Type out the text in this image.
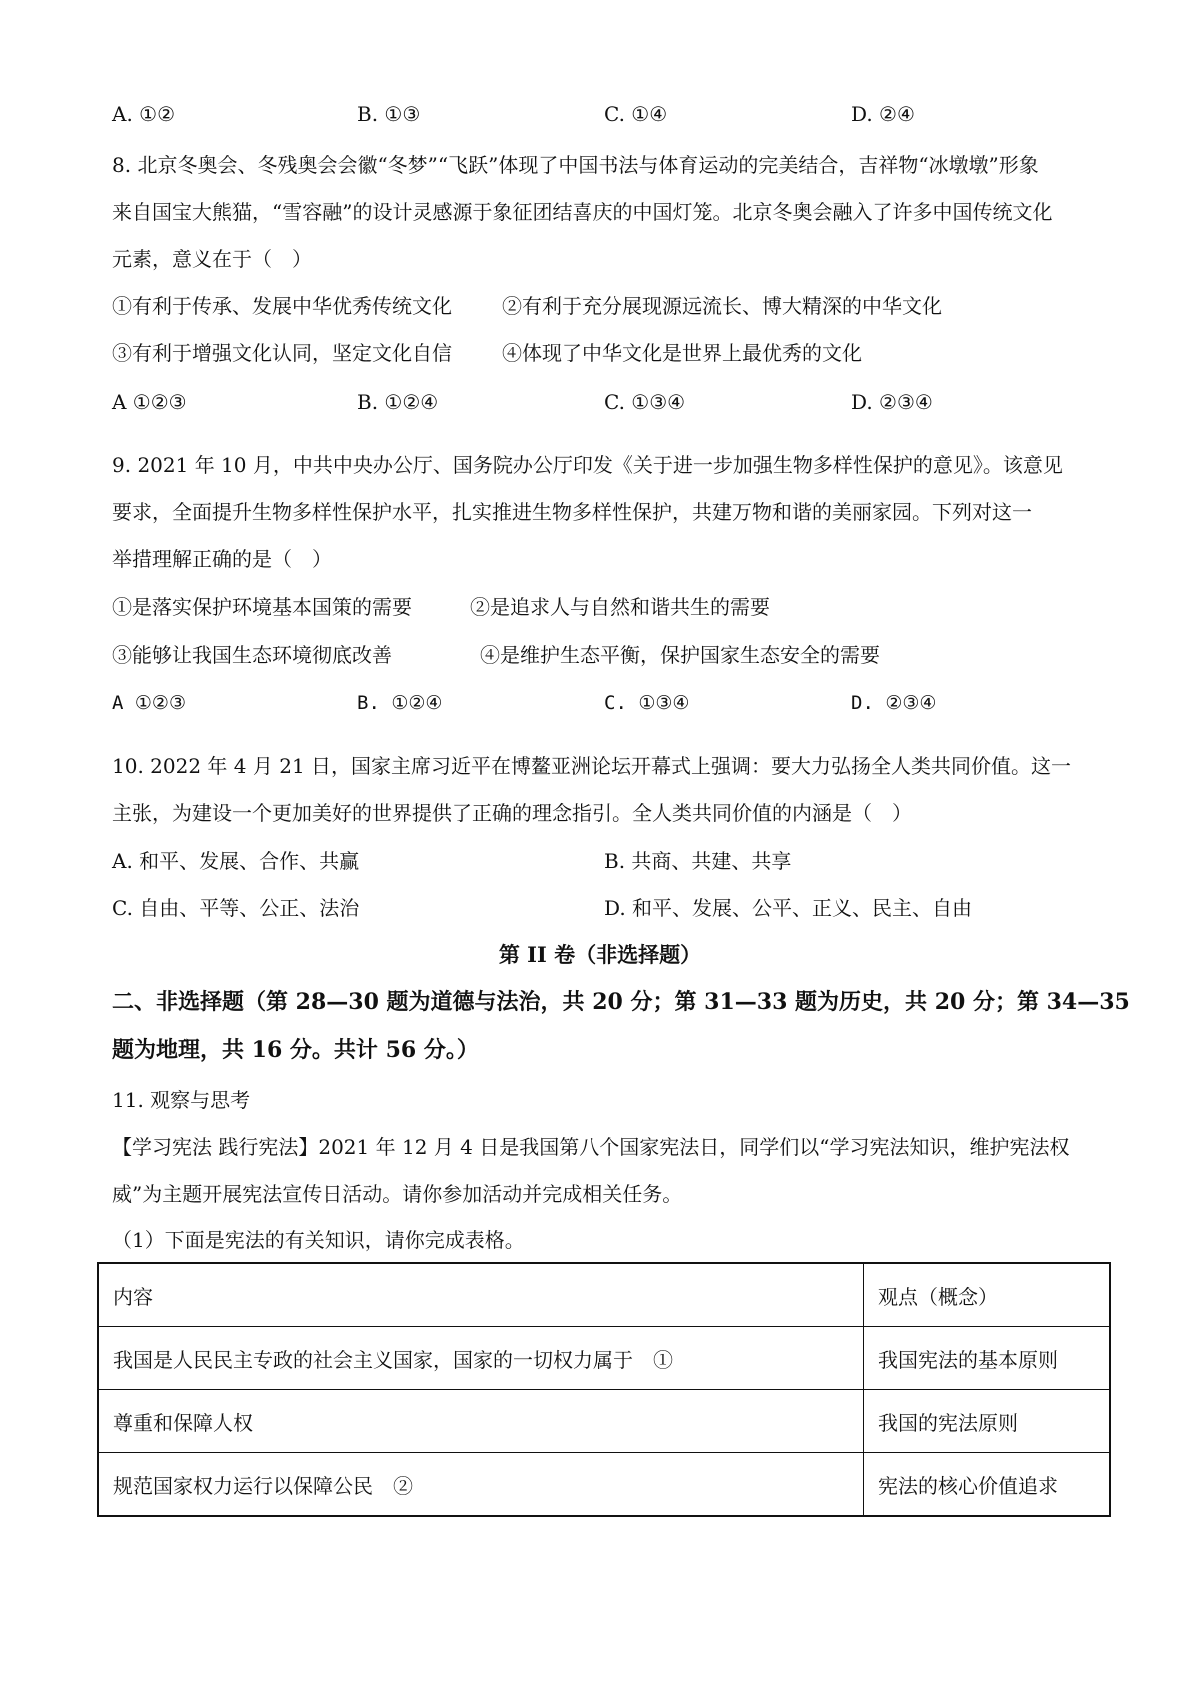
A. ①②	B. ①③	C. ①④	D. ②④
8. 北京冬奥会、冬残奥会会徽“冬梦”“飞跃”体现了中国书法与体育运动的完美结合，吉祥物“冰墩墩”形象
来自国宝大熊猫，“雪容融”的设计灵感源于象征团结喜庆的中国灯笼。北京冬奥会融入了许多中国传统文化
元素，意义在于（　）
①有利于传承、发展中华优秀传统文化	②有利于充分展现源远流长、博大精深的中华文化
③有利于增强文化认同，坚定文化自信	④体现了中华文化是世界上最优秀的文化
A ①②③	B. ①②④	C. ①③④	D. ②③④
9. 2021 年 10 月，中共中央办公厅、国务院办公厅印发《关于进一步加强生物多样性保护的意见》。该意见
要求，全面提升生物多样性保护水平，扎实推进生物多样性保护，共建万物和谐的美丽家园。下列对这一
举措理解正确的是（　）
①是落实保护环境基本国策的需要	②是追求人与自然和谐共生的需要
③能够让我国生态环境彻底改善	④是维护生态平衡，保护国家生态安全的需要
A ①②③	B. ①②④	C. ①③④	D. ②③④
10. 2022 年 4 月 21 日，国家主席习近平在博鳌亚洲论坛开幕式上强调：要大力弘扬全人类共同价值。这一
主张，为建设一个更加美好的世界提供了正确的理念指引。全人类共同价值的内涵是（　）
A. 和平、发展、合作、共赢	B. 共商、共建、共享
C. 自由、平等、公正、法治	D. 和平、发展、公平、正义、民主、自由
第 II 卷（非选择题）
二、非选择题（第 28—30 题为道德与法治，共 20 分；第 31—33 题为历史，共 20 分；第 34—35
题为地理，共 16 分。共计 56 分。）
11. 观察与思考
【学习宪法 践行宪法】2021 年 12 月 4 日是我国第八个国家宪法日，同学们以“学习宪法知识，维护宪法权
威”为主题开展宪法宣传日活动。请你参加活动并完成相关任务。
（1）下面是宪法的有关知识，请你完成表格。
内容	观点（概念）
我国是人民民主专政的社会主义国家，国家的一切权力属于　①	我国宪法的基本原则
尊重和保障人权	我国的宪法原则
规范国家权力运行以保障公民　②	宪法的核心价值追求
